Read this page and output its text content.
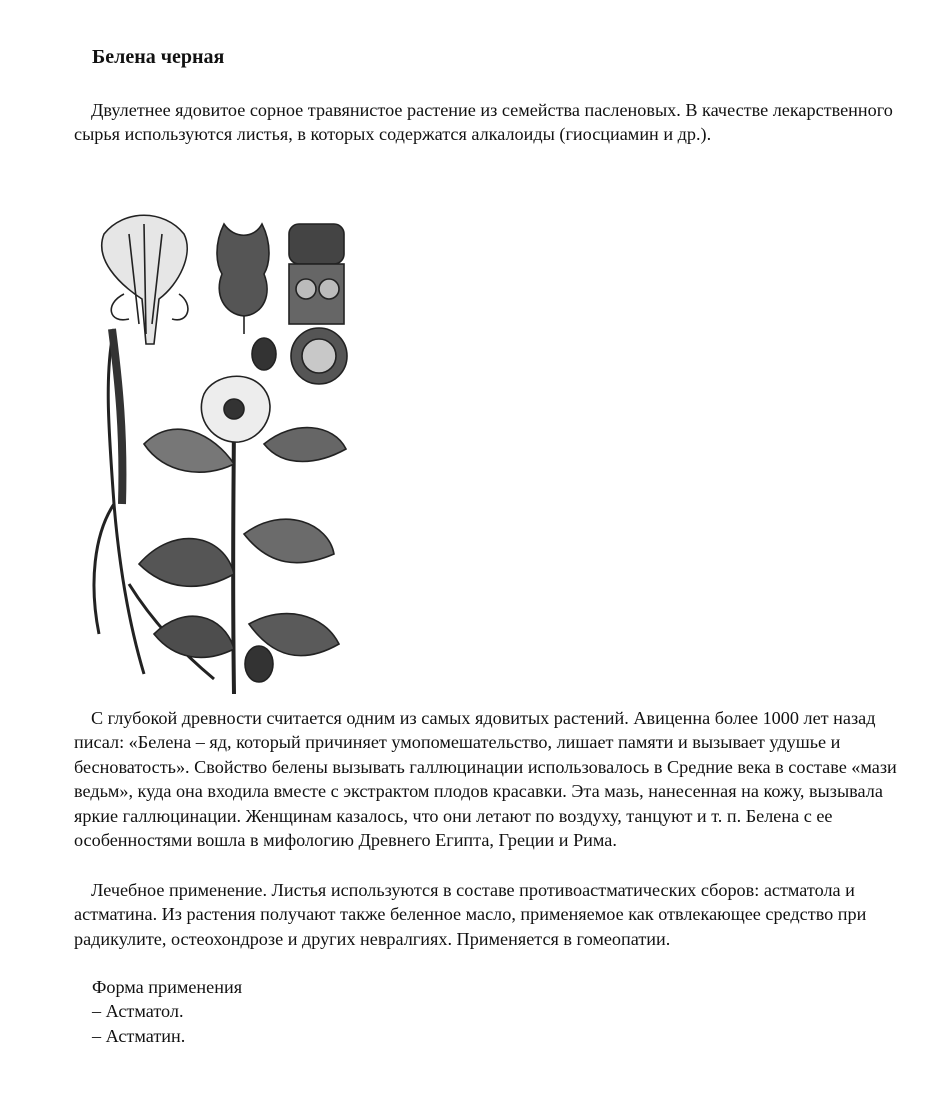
Белена черная

Двулетнее ядовитое сорное травянистое растение из семейства пасленовых. В качестве лекарственного сырья используются листья, в которых содержатся алкалоиды (гиосциамин и др.).

С глубокой древности считается одним из самых ядовитых растений. Авиценна более 1000 лет назад писал: «Белена – яд, который причиняет умопомешательство, лишает памяти и вызывает удушье и бесноватость». Свойство белены вызывать галлюцинации использовалось в Средние века в составе «мази ведьм», куда она входила вместе с экстрактом плодов красавки. Эта мазь, нанесенная на кожу, вызывала яркие галлюцинации. Женщинам казалось, что они летают по воздуху, танцуют и т. п. Белена с ее особенностями вошла в мифологию Древнего Египта, Греции и Рима.

Лечебное применение. Листья используются в составе противоастматических сборов: астматола и астматина. Из растения получают также беленное масло, применяемое как отвлекающее средство при радикулите, остеохондрозе и других невралгиях. Применяется в гомеопатии.

Форма применения

– Астматол.

– Астматин.
